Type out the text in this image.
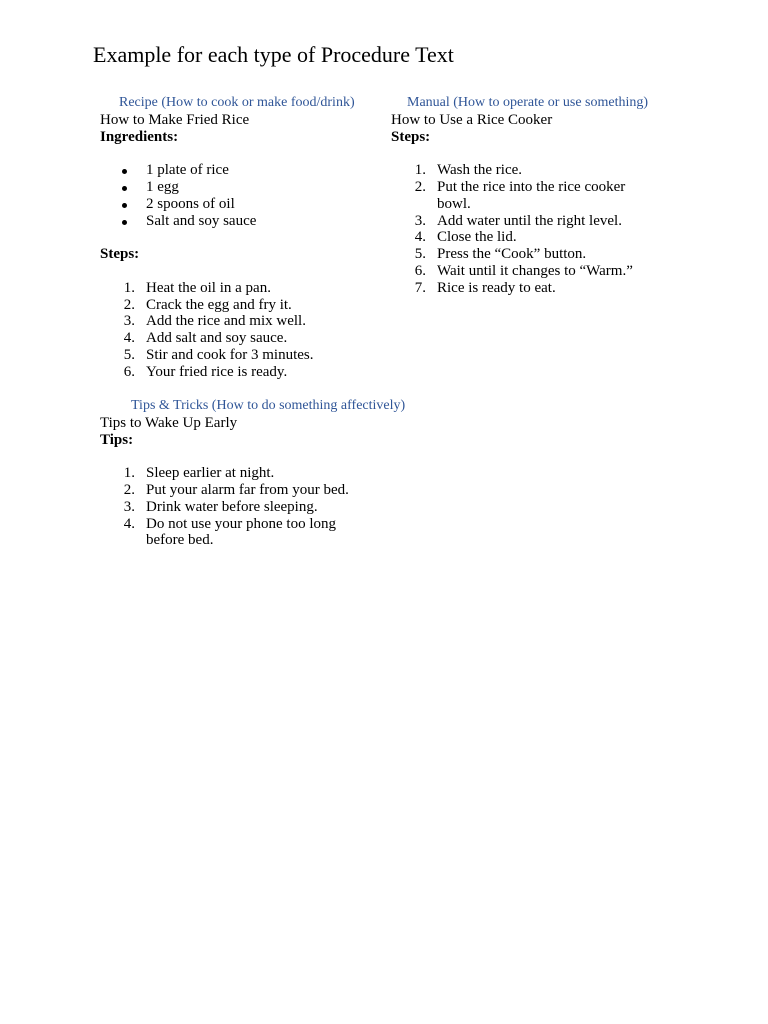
Example for each type of Procedure Text

Recipe (How to cook or make food/drink)

How to Make Fried Rice

Ingredients:

1 plate of rice
1 egg
2 spoons of oil
Salt and soy sauce

Steps:

1. Heat the oil in a pan.
2. Crack the egg and fry it.
3. Add the rice and mix well.
4. Add salt and soy sauce.
5. Stir and cook for 3 minutes.
6. Your fried rice is ready.

Manual (How to operate or use something)

How to Use a Rice Cooker

Steps:

1. Wash the rice.
2. Put the rice into the rice cooker bowl.
3. Add water until the right level.
4. Close the lid.
5. Press the “Cook” button.
6. Wait until it changes to “Warm.”
7. Rice is ready to eat.

Tips & Tricks (How to do something affectively)

Tips to Wake Up Early

Tips:

1. Sleep earlier at night.
2. Put your alarm far from your bed.
3. Drink water before sleeping.
4. Do not use your phone too long before bed.
